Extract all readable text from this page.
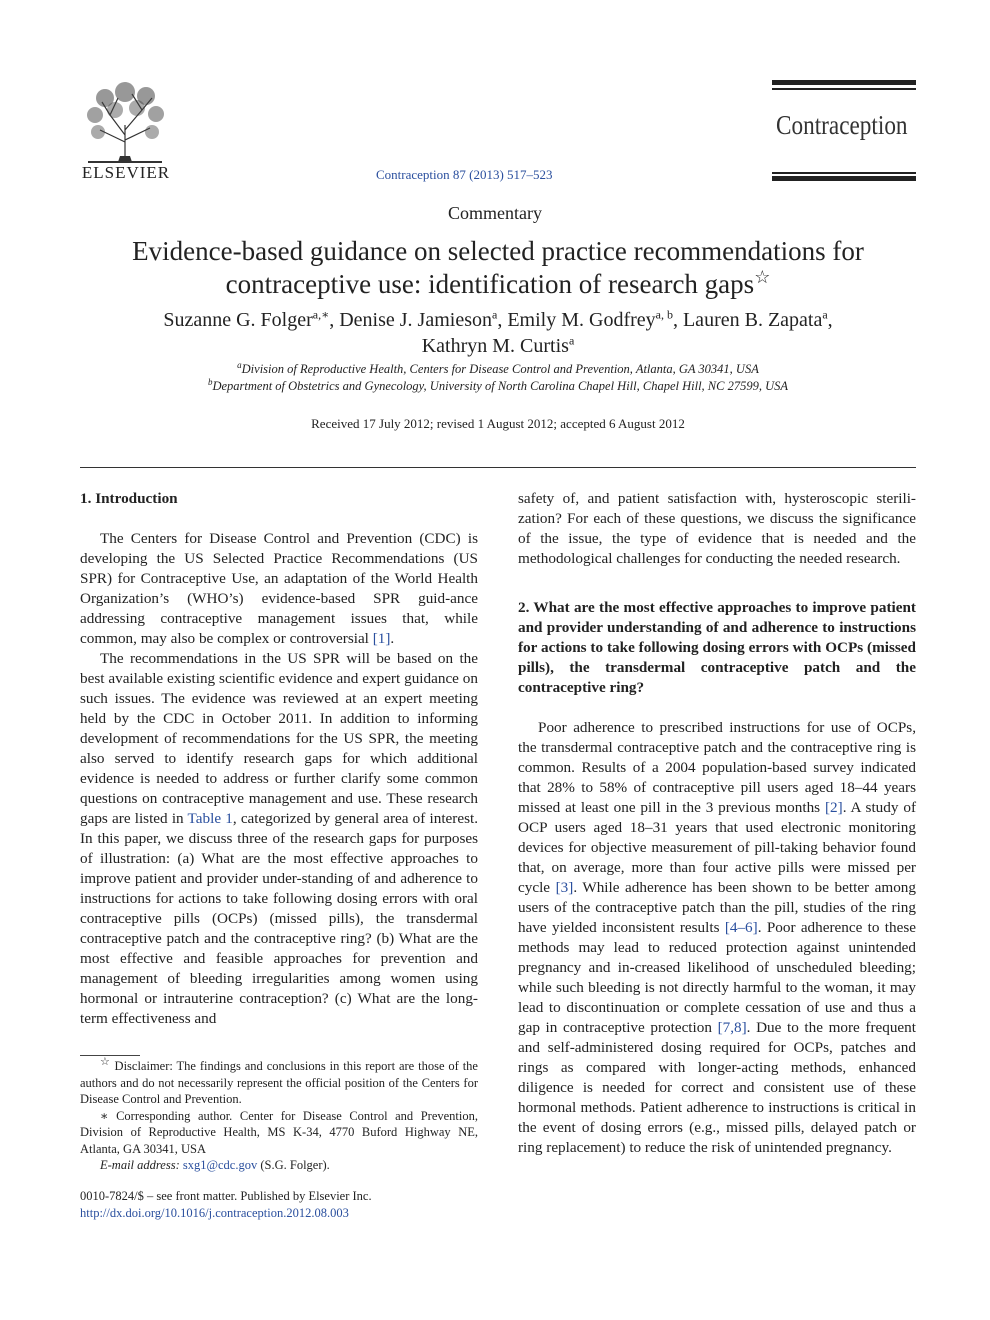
ELSEVIER	Contraception 87 (2013) 517–523
Contraception
Commentary
Evidence-based guidance on selected practice recommendations for
contraceptive use: identification of research gaps☆
Suzanne G. Folger$^{a,∗}$, Denise J. Jamieson$^a$, Emily M. Godfrey$^{a, b}$, Lauren B. Zapata$^a$,
Kathryn M. Curtis$^a$
$^a$Division of Reproductive Health, Centers for Disease Control and Prevention, Atlanta, GA 30341, USA
$^b$Department of Obstetrics and Gynecology, University of North Carolina Chapel Hill, Chapel Hill, NC 27599, USA
Received 17 July 2012; revised 1 August 2012; accepted 6 August 2012
1. Introduction

The Centers for Disease Control and Prevention (CDC) is developing the US Selected Practice Recommendations (US SPR) for Contraceptive Use, an adaptation of the World Health Organization’s (WHO’s) evidence-based SPR guid-ance addressing contraceptive management issues that, while common, may also be complex or controversial [1].

The recommendations in the US SPR will be based on the best available existing scientific evidence and expert guidance on such issues. The evidence was reviewed at an expert meeting held by the CDC in October 2011. In addition to informing development of recommendations for the US SPR, the meeting also served to identify research gaps for which additional evidence is needed to address or further clarify some common questions on contraceptive management and use. These research gaps are listed in Table 1, categorized by general area of interest. In this paper, we discuss three of the research gaps for purposes of illustration: (a) What are the most effective approaches to improve patient and provider under-standing of and adherence to instructions for actions to take following dosing errors with oral contraceptive pills (OCPs) (missed pills), the transdermal contraceptive patch and the contraceptive ring? (b) What are the most effective and feasible approaches for prevention and management of bleeding irregularities among women using hormonal or intrauterine contraception? (c) What are the long-term effectiveness and

safety of, and patient satisfaction with, hysteroscopic sterili-zation? For each of these questions, we discuss the significance of the issue, the type of evidence that is needed and the methodological challenges for conducting the needed research.

2. What are the most effective approaches to improve patient and provider understanding of and adherence to instructions for actions to take following dosing errors with OCPs (missed pills), the transdermal contraceptive patch and the contraceptive ring?

Poor adherence to prescribed instructions for use of OCPs, the transdermal contraceptive patch and the contraceptive ring is common. Results of a 2004 population-based survey indicated that 28% to 58% of contraceptive pill users aged 18–44 years missed at least one pill in the 3 previous months [2]. A study of OCP users aged 18–31 years that used electronic monitoring devices for objective measurement of pill-taking behavior found that, on average, more than four active pills were missed per cycle [3]. While adherence has been shown to be better among users of the contraceptive patch than the pill, studies of the ring have yielded inconsistent results [4–6]. Poor adherence to these methods may lead to reduced protection against unintended pregnancy and in-creased likelihood of unscheduled bleeding; while such bleeding is not directly harmful to the woman, it may lead to discontinuation or complete cessation of use and thus a gap in contraceptive protection [7,8]. Due to the more frequent and self-administered dosing required for OCPs, patches and rings as compared with longer-acting methods, enhanced diligence is needed for correct and consistent use of these hormonal methods. Patient adherence to instructions is critical in the event of dosing errors (e.g., missed pills, delayed patch or ring replacement) to reduce the risk of unintended pregnancy.

☆ Disclaimer: The findings and conclusions in this report are those of the authors and do not necessarily represent the official position of the Centers for Disease Control and Prevention.

∗ Corresponding author. Center for Disease Control and Prevention, Division of Reproductive Health, MS K-34, 4770 Buford Highway NE, Atlanta, GA 30341, USA

E-mail address: sxg1@cdc.gov (S.G. Folger).

0010-7824/$ – see front matter. Published by Elsevier Inc.

http://dx.doi.org/10.1016/j.contraception.2012.08.003
